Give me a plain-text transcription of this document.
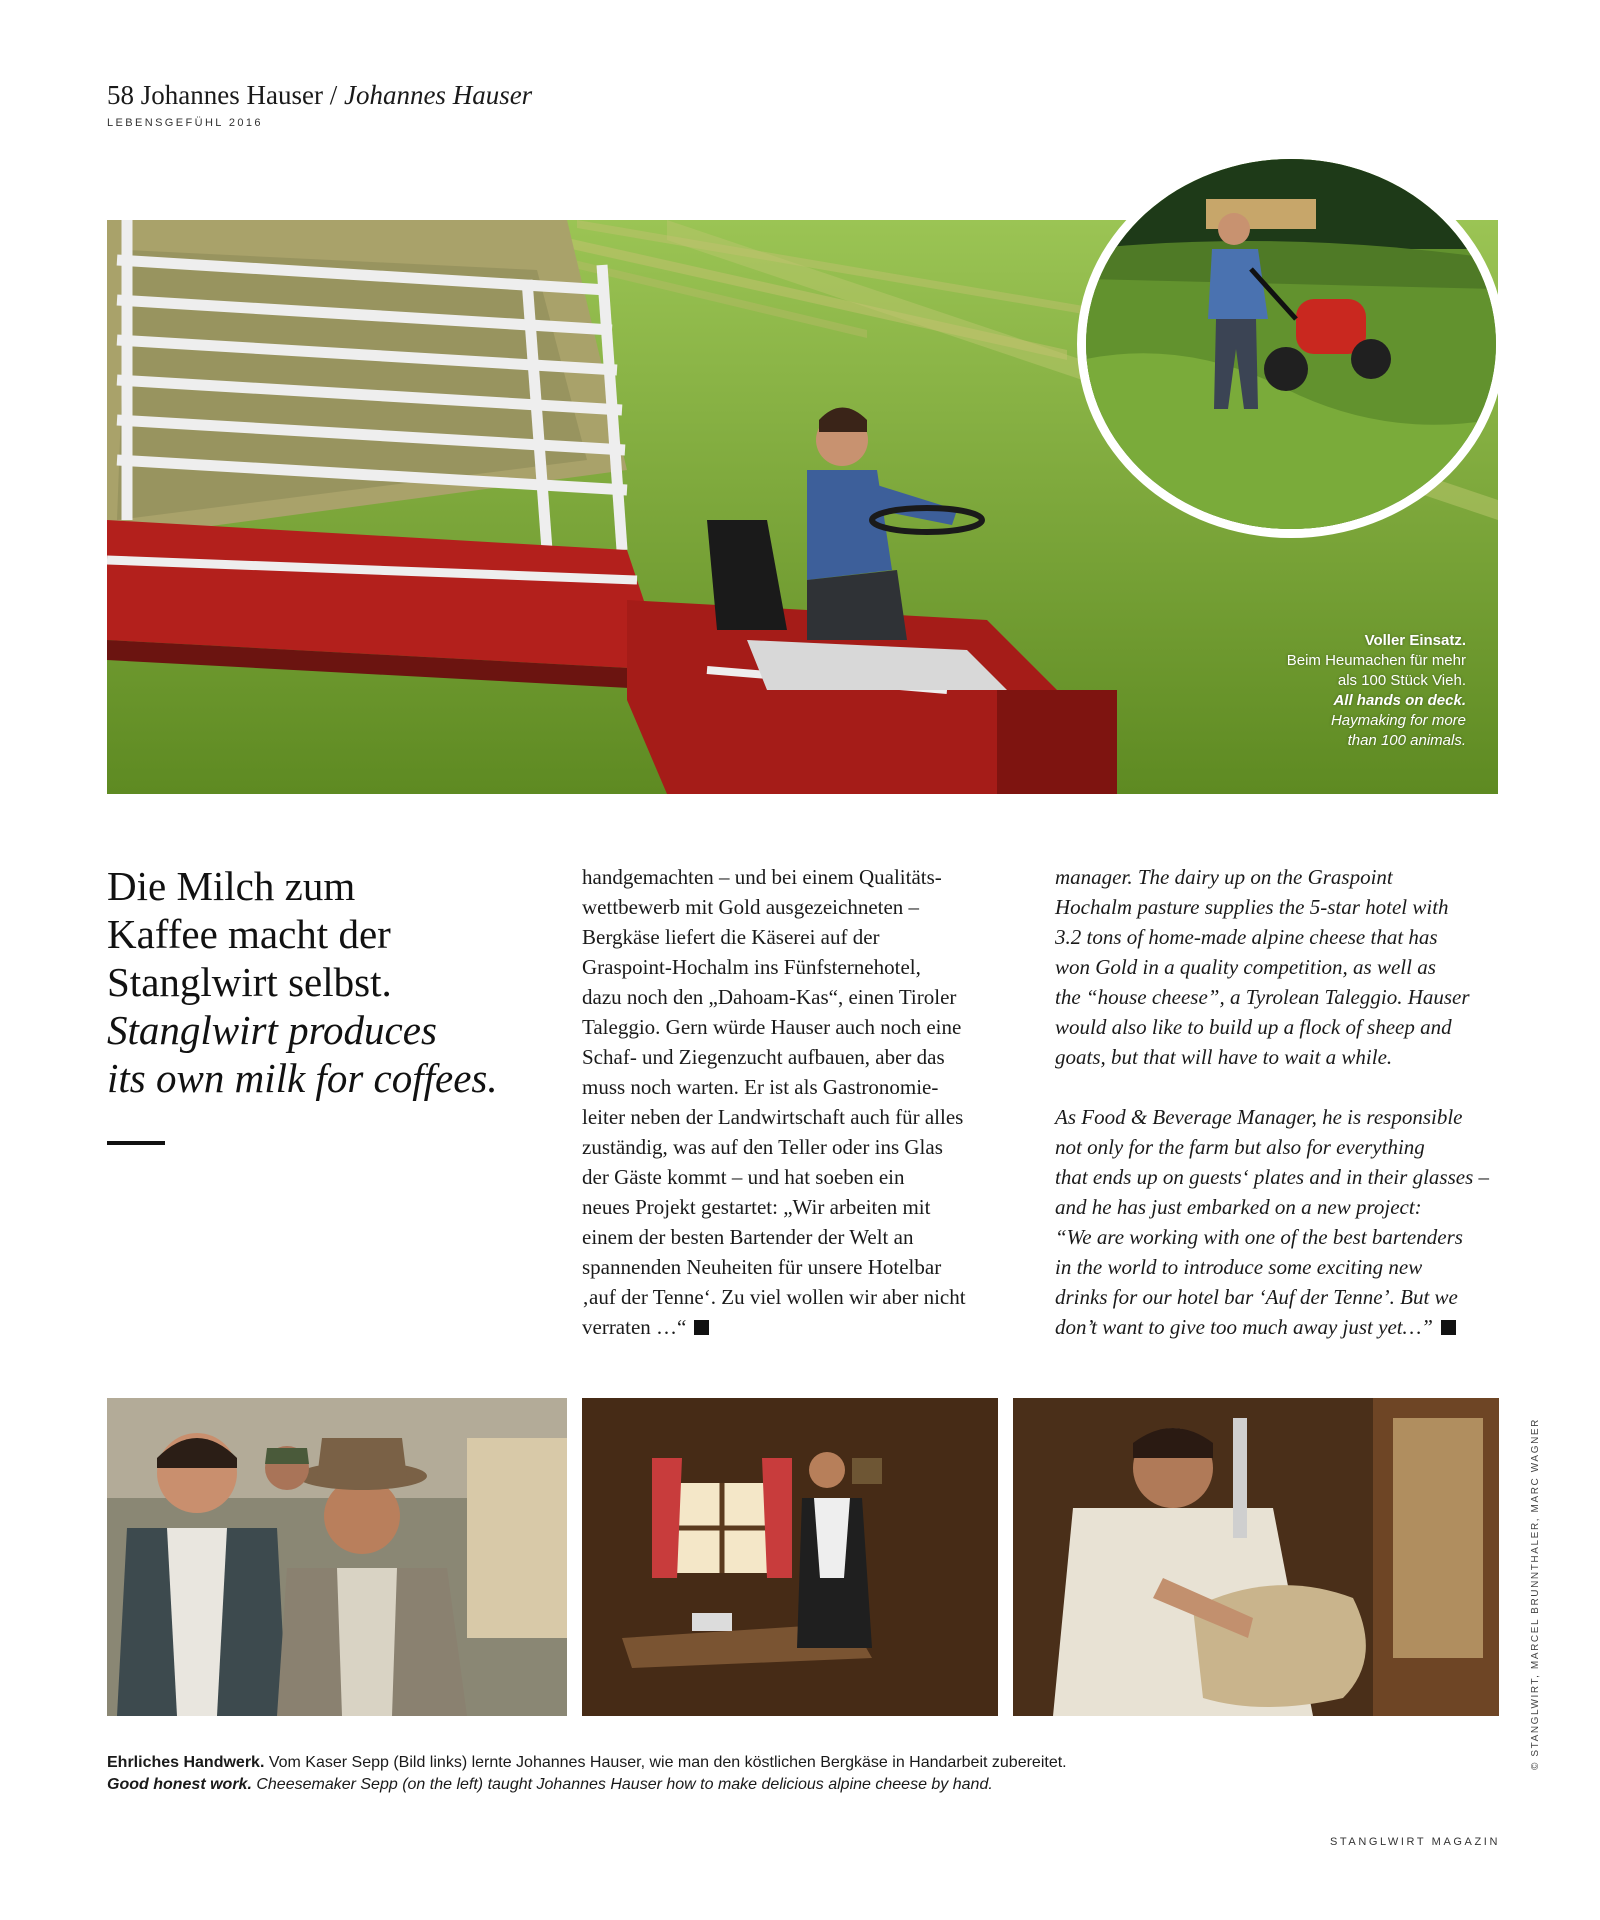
58 Johannes Hauser / Johannes Hauser
LEBENSGEFÜHL 2016
Voller Einsatz.
Beim Heumachen für mehr
als 100 Stück Vieh.
All hands on deck.
Haymaking for more
than 100 animals.
Die Milch zum
Kaffee macht der
Stanglwirt selbst.
Stanglwirt produces
its own milk for coffees.

handgemachten – und bei einem Qualitäts-

wettbewerb mit Gold ausgezeichneten –

Bergkäse liefert die Käserei auf der

Graspoint-Hochalm ins Fünfsternehotel,

dazu noch den „Dahoam-Kas“, einen Tiroler

Taleggio. Gern würde Hauser auch noch eine

Schaf- und Ziegenzucht aufbauen, aber das

muss noch warten. Er ist als Gastronomie-

leiter neben der Landwirtschaft auch für alles

zuständig, was auf den Teller oder ins Glas

der Gäste kommt – und hat soeben ein

neues Projekt gestartet: „Wir arbeiten mit

einem der besten Bartender der Welt an

spannenden Neuheiten für unsere Hotelbar

‚auf der Tenne‘. Zu viel wollen wir aber nicht

verraten …“

manager. The dairy up on the Graspoint

Hochalm pasture supplies the 5-star hotel with

3.2 tons of home-made alpine cheese that has

won Gold in a quality competition, as well as

the “house cheese”, a Tyrolean Taleggio. Hauser

would also like to build up a flock of sheep and

goats, but that will have to wait a while.

As Food & Beverage Manager, he is responsible

not only for the farm but also for everything

that ends up on guests‘ plates and in their glasses –

and he has just embarked on a new project:

“We are working with one of the best bartenders

in the world to introduce some exciting new

drinks for our hotel bar ‘Auf der Tenne’. But we

don’t want to give too much away just yet…”

© STANGLWIRT, MARCEL BRUNNTHALER, MARC WAGNER
Ehrliches Handwerk. Vom Kaser Sepp (Bild links) lernte Johannes Hauser, wie man den köstlichen Bergkäse in Handarbeit zubereitet.
Good honest work. Cheesemaker Sepp (on the left) taught Johannes Hauser how to make delicious alpine cheese by hand.
STANGLWIRT MAGAZIN
